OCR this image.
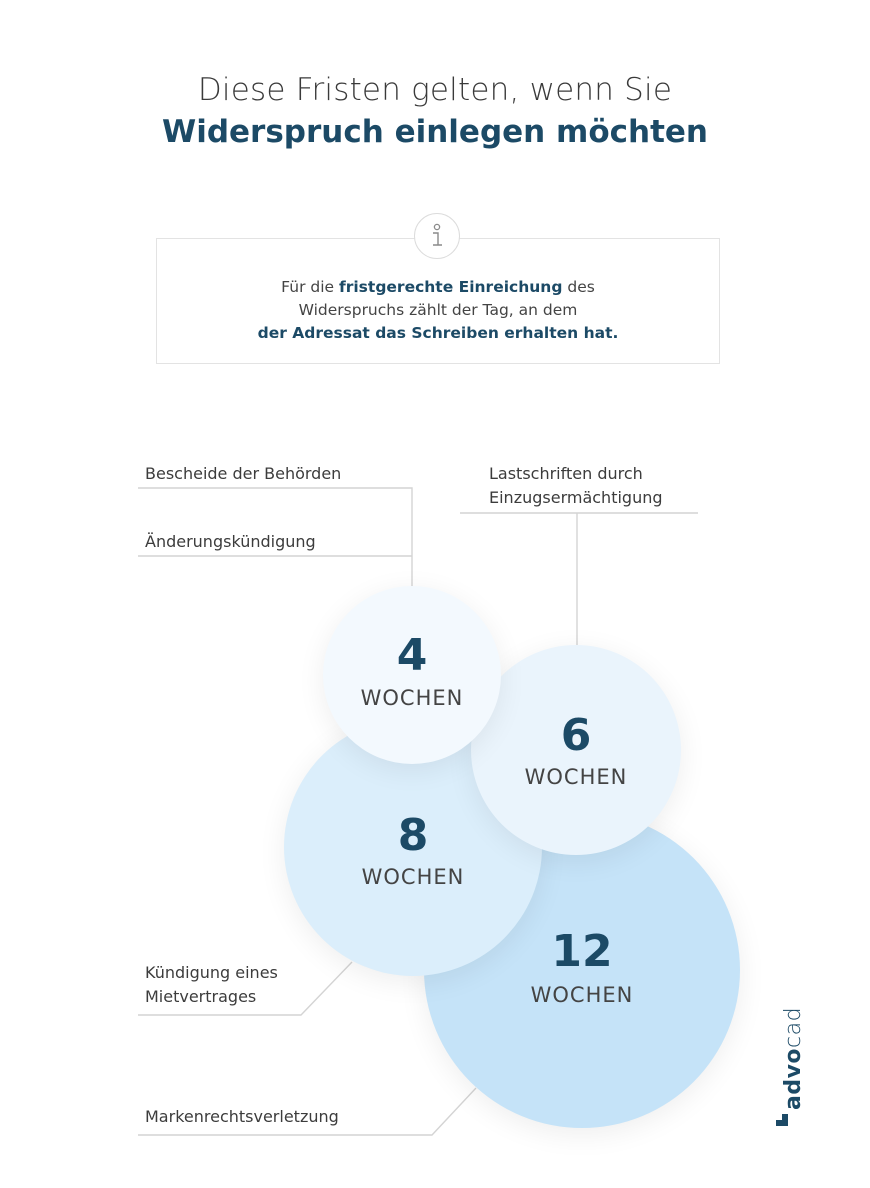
Diese Fristen gelten, wenn Sie
Widerspruch einlegen möchten
Für die fristgerechte Einreichung des
Widerspruchs zählt der Tag, an dem
der Adressat das Schreiben erhalten hat.
Bescheide der Behörden
Änderungskündigung
Lastschriften durch
Einzugsermächtigung
Kündigung eines
Mietvertrages
Markenrechtsverletzung
4
WOCHEN
6
WOCHEN
8
WOCHEN
12
WOCHEN
advocado
